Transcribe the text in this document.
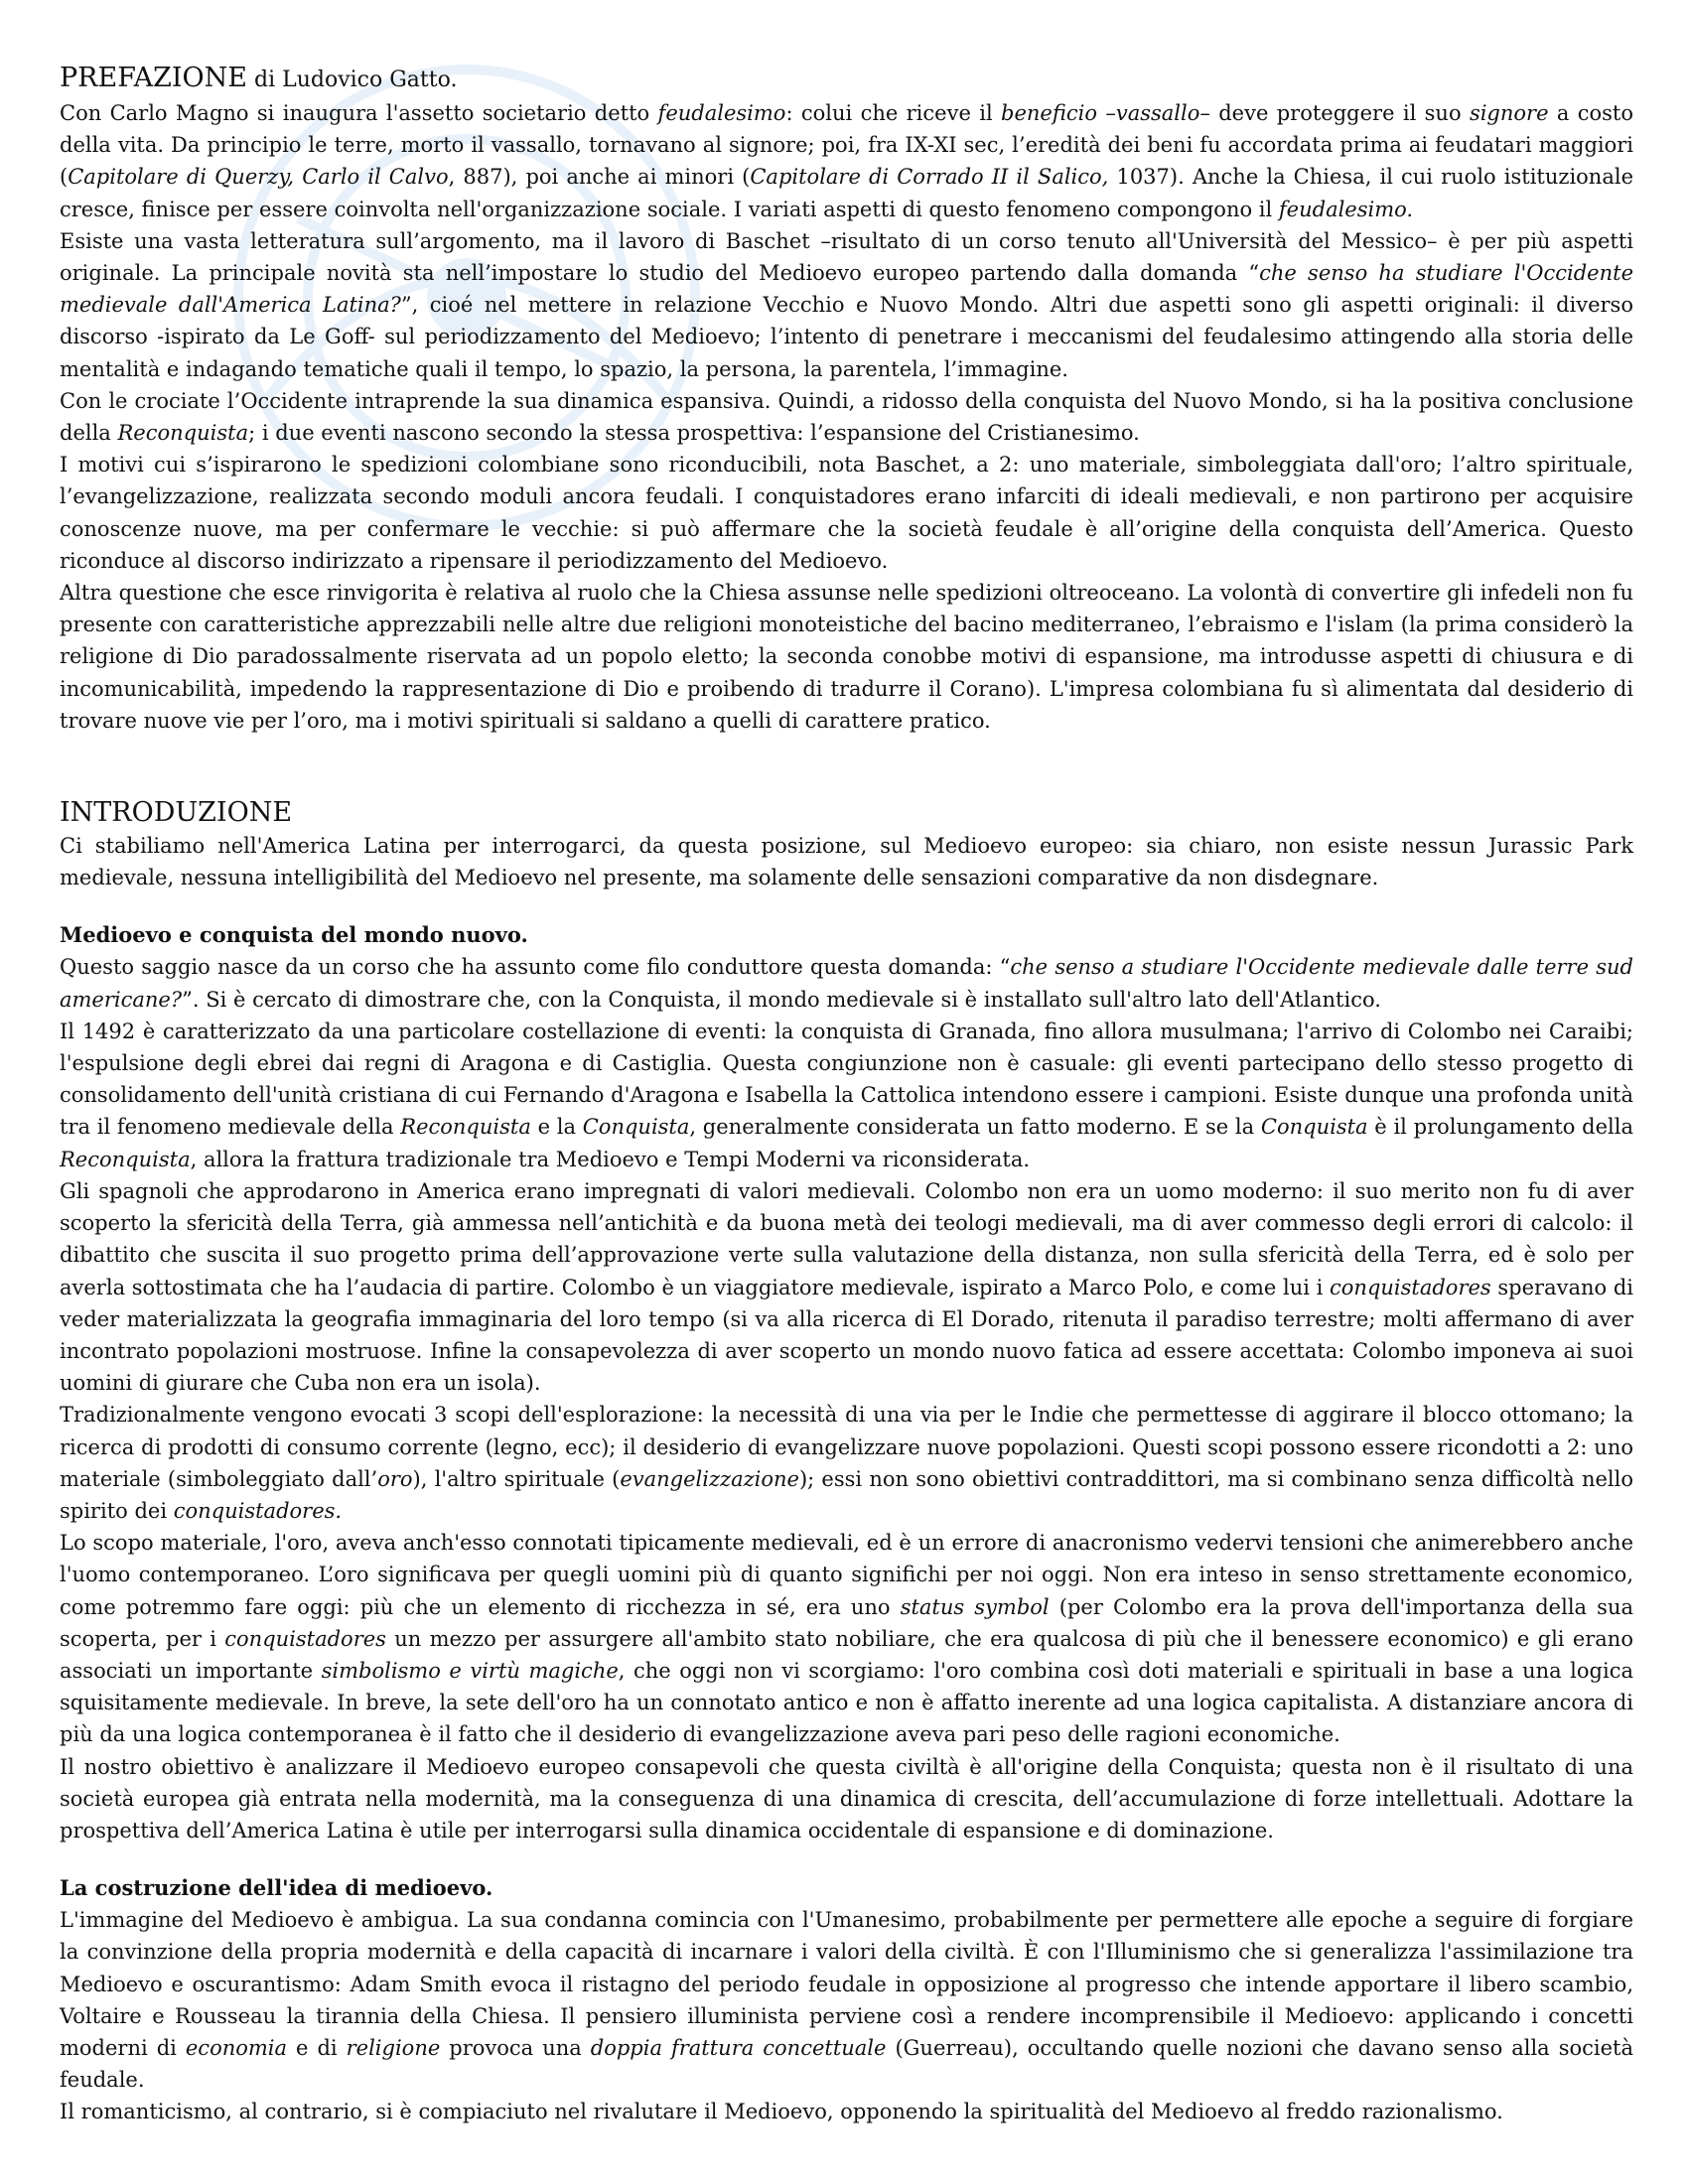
PREFAZIONE di Ludovico Gatto.

Con Carlo Magno si inaugura l'assetto societario detto feudalesimo: colui che riceve il beneficio –vassallo– deve proteggere il suo signore a costo della vita. Da principio le terre, morto il vassallo, tornavano al signore; poi, fra IX-XI sec, l’eredità dei beni fu accordata prima ai feudatari maggiori (Capitolare di Querzy, Carlo il Calvo, 887), poi anche ai minori (Capitolare di Corrado II il Salico, 1037). Anche la Chiesa, il cui ruolo istituzionale cresce, finisce per essere coinvolta nell'organizzazione sociale. I variati aspetti di questo fenomeno compongono il feudalesimo.

Esiste una vasta letteratura sull’argomento, ma il lavoro di Baschet –risultato di un corso tenuto all'Università del Messico– è per più aspetti originale. La principale novità sta nell’impostare lo studio del Medioevo europeo partendo dalla domanda “che senso ha studiare l'Occidente medievale dall'America Latina?”, cioé nel mettere in relazione Vecchio e Nuovo Mondo. Altri due aspetti sono gli aspetti originali: il diverso discorso -ispirato da Le Goff- sul periodizzamento del Medioevo; l’intento di penetrare i meccanismi del feudalesimo attingendo alla storia delle mentalità e indagando tematiche quali il tempo, lo spazio, la persona, la parentela, l’immagine.

Con le crociate l’Occidente intraprende la sua dinamica espansiva. Quindi, a ridosso della conquista del Nuovo Mondo, si ha la positiva conclusione della Reconquista; i due eventi nascono secondo la stessa prospettiva: l’espansione del Cristianesimo.

I motivi cui s’ispirarono le spedizioni colombiane sono riconducibili, nota Baschet, a 2: uno materiale, simboleggiata dall'oro; l’altro spirituale, l’evangelizzazione, realizzata secondo moduli ancora feudali. I conquistadores erano infarciti di ideali medievali, e non partirono per acquisire conoscenze nuove, ma per confermare le vecchie: si può affermare che la società feudale è all’origine della conquista dell’America. Questo riconduce al discorso indirizzato a ripensare il periodizzamento del Medioevo.

Altra questione che esce rinvigorita è relativa al ruolo che la Chiesa assunse nelle spedizioni oltreoceano. La volontà di convertire gli infedeli non fu presente con caratteristiche apprezzabili nelle altre due religioni monoteistiche del bacino mediterraneo, l’ebraismo e l'islam (la prima considerò la religione di Dio paradossalmente riservata ad un popolo eletto; la seconda conobbe motivi di espansione, ma introdusse aspetti di chiusura e di incomunicabilità, impedendo la rappresentazione di Dio e proibendo di tradurre il Corano). L'impresa colombiana fu sì alimentata dal desiderio di trovare nuove vie per l’oro, ma i motivi spirituali si saldano a quelli di carattere pratico.

INTRODUZIONE

Ci stabiliamo nell'America Latina per interrogarci, da questa posizione, sul Medioevo europeo: sia chiaro, non esiste nessun Jurassic Park medievale, nessuna intelligibilità del Medioevo nel presente, ma solamente delle sensazioni comparative da non disdegnare.

Medioevo e conquista del mondo nuovo.

Questo saggio nasce da un corso che ha assunto come filo conduttore questa domanda: “che senso a studiare l'Occidente medievale dalle terre sud americane?”. Si è cercato di dimostrare che, con la Conquista, il mondo medievale si è installato sull'altro lato dell'Atlantico.

Il 1492 è caratterizzato da una particolare costellazione di eventi: la conquista di Granada, fino allora musulmana; l'arrivo di Colombo nei Caraibi; l'espulsione degli ebrei dai regni di Aragona e di Castiglia. Questa congiunzione non è casuale: gli eventi partecipano dello stesso progetto di consolidamento dell'unità cristiana di cui Fernando d'Aragona e Isabella la Cattolica intendono essere i campioni. Esiste dunque una profonda unità tra il fenomeno medievale della Reconquista e la Conquista, generalmente considerata un fatto moderno. E se la Conquista è il prolungamento della Reconquista, allora la frattura tradizionale tra Medioevo e Tempi Moderni va riconsiderata.

Gli spagnoli che approdarono in America erano impregnati di valori medievali. Colombo non era un uomo moderno: il suo merito non fu di aver scoperto la sfericità della Terra, già ammessa nell’antichità e da buona metà dei teologi medievali, ma di aver commesso degli errori di calcolo: il dibattito che suscita il suo progetto prima dell’approvazione verte sulla valutazione della distanza, non sulla sfericità della Terra, ed è solo per averla sottostimata che ha l’audacia di partire. Colombo è un viaggiatore medievale, ispirato a Marco Polo, e come lui i conquistadores speravano di veder materializzata la geografia immaginaria del loro tempo (si va alla ricerca di El Dorado, ritenuta il paradiso terrestre; molti affermano di aver incontrato popolazioni mostruose. Infine la consapevolezza di aver scoperto un mondo nuovo fatica ad essere accettata: Colombo imponeva ai suoi uomini di giurare che Cuba non era un isola).

Tradizionalmente vengono evocati 3 scopi dell'esplorazione: la necessità di una via per le Indie che permettesse di aggirare il blocco ottomano; la ricerca di prodotti di consumo corrente (legno, ecc); il desiderio di evangelizzare nuove popolazioni. Questi scopi possono essere ricondotti a 2: uno materiale (simboleggiato dall’oro), l'altro spirituale (evangelizzazione); essi non sono obiettivi contraddittori, ma si combinano senza difficoltà nello spirito dei conquistadores.

Lo scopo materiale, l'oro, aveva anch'esso connotati tipicamente medievali, ed è un errore di anacronismo vedervi tensioni che animerebbero anche l'uomo contemporaneo. L’oro significava per quegli uomini più di quanto significhi per noi oggi. Non era inteso in senso strettamente economico, come potremmo fare oggi: più che un elemento di ricchezza in sé, era uno status symbol (per Colombo era la prova dell'importanza della sua scoperta, per i conquistadores un mezzo per assurgere all'ambito stato nobiliare, che era qualcosa di più che il benessere economico) e gli erano associati un importante simbolismo e virtù magiche, che oggi non vi scorgiamo: l'oro combina così doti materiali e spirituali in base a una logica squisitamente medievale. In breve, la sete dell'oro ha un connotato antico e non è affatto inerente ad una logica capitalista. A distanziare ancora di più da una logica contemporanea è il fatto che il desiderio di evangelizzazione aveva pari peso delle ragioni economiche.

Il nostro obiettivo è analizzare il Medioevo europeo consapevoli che questa civiltà è all'origine della Conquista; questa non è il risultato di una società europea già entrata nella modernità, ma la conseguenza di una dinamica di crescita, dell’accumulazione di forze intellettuali. Adottare la prospettiva dell’America Latina è utile per interrogarsi sulla dinamica occidentale di espansione e di dominazione.

La costruzione dell'idea di medioevo.

L'immagine del Medioevo è ambigua. La sua condanna comincia con l'Umanesimo, probabilmente per permettere alle epoche a seguire di forgiare la convinzione della propria modernità e della capacità di incarnare i valori della civiltà. È con l'Illuminismo che si generalizza l'assimilazione tra Medioevo e oscurantismo: Adam Smith evoca il ristagno del periodo feudale in opposizione al progresso che intende apportare il libero scambio, Voltaire e Rousseau la tirannia della Chiesa. Il pensiero illuminista perviene così a rendere incomprensibile il Medioevo: applicando i concetti moderni di economia e di religione provoca una doppia frattura concettuale (Guerreau), occultando quelle nozioni che davano senso alla società feudale.

Il romanticismo, al contrario, si è compiaciuto nel rivalutare il Medioevo, opponendo la spiritualità del Medioevo al freddo razionalismo.
